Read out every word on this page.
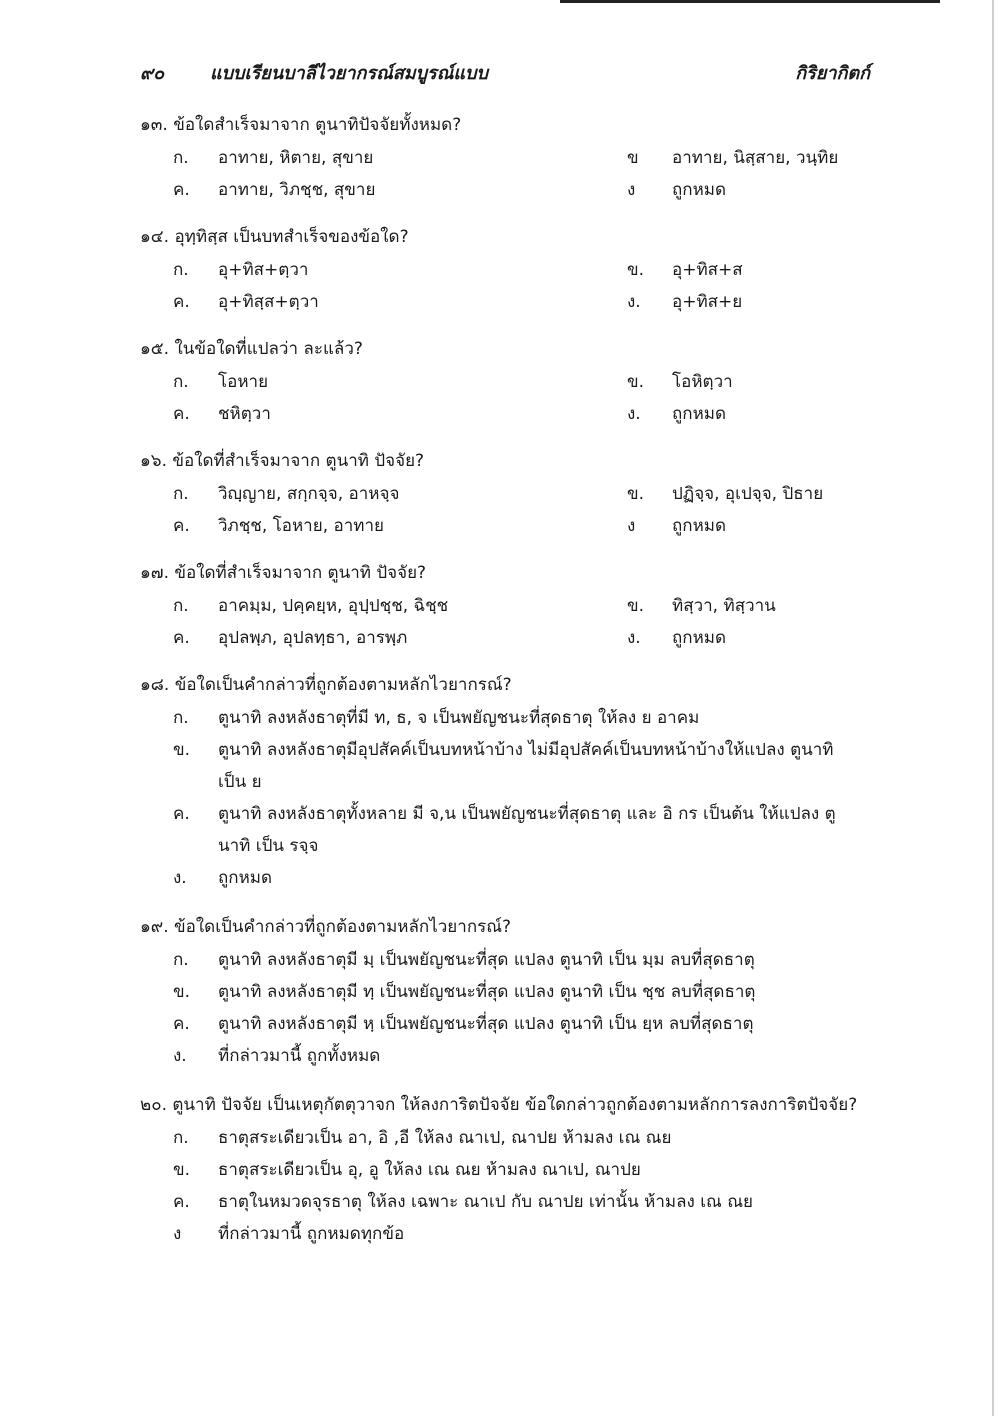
๙๐	แบบเรียนบาลีไวยากรณ์สมบูรณ์แบบ	กิริยากิตก์
๑๓. ข้อใดสำเร็จมาจาก ตูนาทิปัจจัยทั้งหมด?
ก. อาทาย, หิตาย, สุขาย	ข อาทาย, นิสฺสาย, วนฺทิย
ค. อาทาย, วิภชฺช, สุขาย	ง ถูกหมด
๑๔. อุทฺทิสฺส เป็นบทสำเร็จของข้อใด?
ก. อุ+ทิส+ตฺวา	ข. อุ+ทิส+ส
ค. อุ+ทิสฺส+ตฺวา	ง. อุ+ทิส+ย
๑๕. ในข้อใดที่แปลว่า ละแล้ว?
ก. โอหาย	ข. โอหิตฺวา
ค. ชหิตฺวา	ง. ถูกหมด
๑๖. ข้อใดที่สำเร็จมาจาก ตูนาทิ ปัจจัย?
ก. วิญฺญาย, สกฺกจฺจ, อาหจฺจ	ข. ปฏิจฺจ, อุเปจฺจ, ปิธาย
ค. วิภชฺช, โอหาย, อาทาย	ง ถูกหมด
๑๗. ข้อใดที่สำเร็จมาจาก ตูนาทิ ปัจจัย?
ก. อาคมฺม, ปคฺคยฺห, อุปฺปชฺช, ฉิชฺช	ข. ทิสฺวา, ทิสฺวาน
ค. อุปลพฺภ, อุปลทฺธา, อารพฺภ	ง. ถูกหมด
๑๘. ข้อใดเป็นคำกล่าวที่ถูกต้องตามหลักไวยากรณ์?
ก.	ตูนาทิ ลงหลังธาตุที่มี ท, ธ, จ เป็นพยัญชนะที่สุดธาตุ ให้ลง ย อาคม
ข.	ตูนาทิ ลงหลังธาตุมีอุปสัคค์เป็นบทหน้าบ้าง ไม่มีอุปสัคค์เป็นบทหน้าบ้างให้แปลง ตูนาทิ เป็น ย
ค.	ตูนาทิ ลงหลังธาตุทั้งหลาย มี จ,น เป็นพยัญชนะที่สุดธาตุ และ อิ กร เป็นต้น ให้แปลง ตูนาทิ เป็น รจฺจ
ง.	ถูกหมด
๑๙. ข้อใดเป็นคำกล่าวที่ถูกต้องตามหลักไวยากรณ์?
ก.	ตูนาทิ ลงหลังธาตุมี มฺ เป็นพยัญชนะที่สุด แปลง ตูนาทิ เป็น มฺม ลบที่สุดธาตุ
ข.	ตูนาทิ ลงหลังธาตุมี ทฺ เป็นพยัญชนะที่สุด แปลง ตูนาทิ เป็น ชฺช ลบที่สุดธาตุ
ค.	ตูนาทิ ลงหลังธาตุมี หฺ เป็นพยัญชนะที่สุด แปลง ตูนาทิ เป็น ยฺห ลบที่สุดธาตุ
ง.	ที่กล่าวมานี้ ถูกทั้งหมด
๒๐. ตูนาทิ ปัจจัย เป็นเหตุกัตตุวาจก ให้ลงการิตปัจจัย ข้อใดกล่าวถูกต้องตามหลักการลงการิตปัจจัย?
ก.	ธาตุสระเดียวเป็น อา, อิ ,อี ให้ลง ณาเป, ณาปย ห้ามลง เณ ณย
ข.	ธาตุสระเดียวเป็น อุ, อู ให้ลง เณ ณย ห้ามลง ณาเป, ณาปย
ค.	ธาตุในหมวดจุรธาตุ ให้ลง เฉพาะ ณาเป กับ ณาปย เท่านั้น ห้ามลง เณ ณย
ง	ที่กล่าวมานี้ ถูกหมดทุกข้อ
